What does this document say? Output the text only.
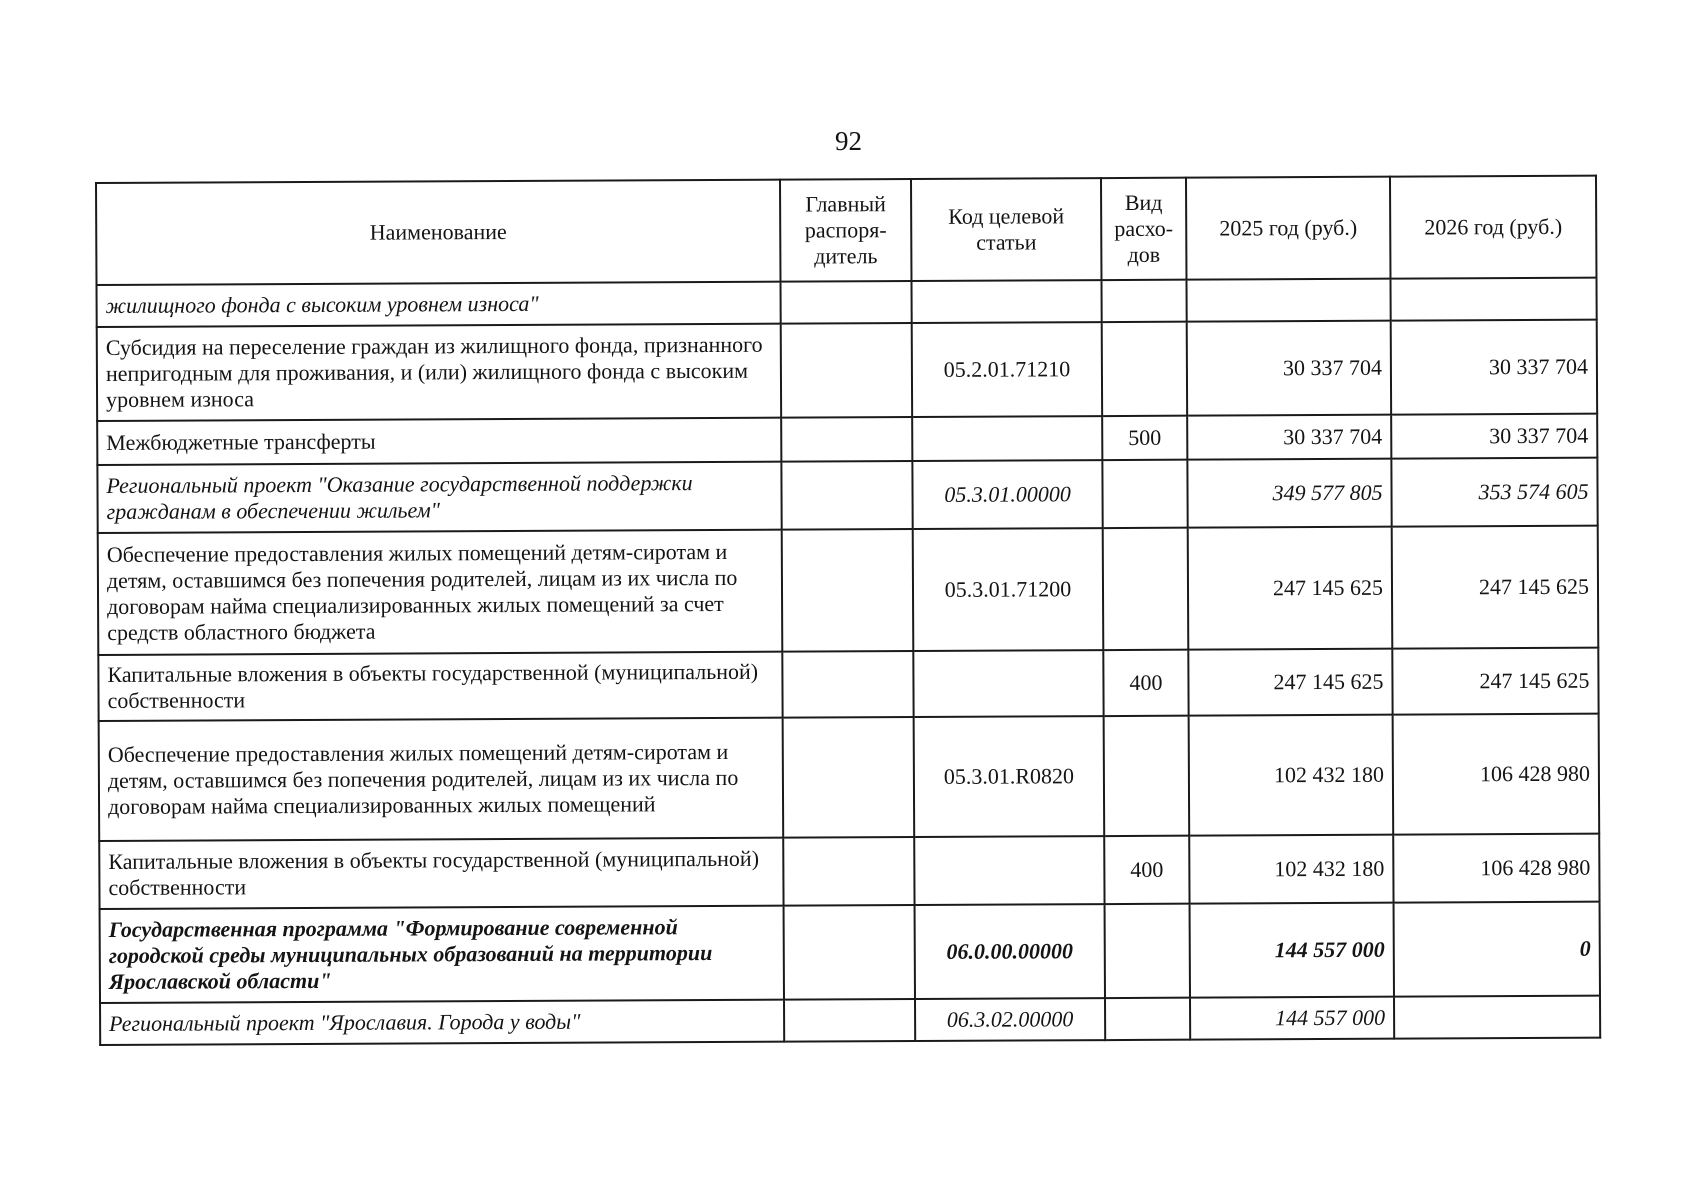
92
Наименование	Главный распоря-дитель	Код целевой статьи	Вид расхо-дов	2025 год (руб.)	2026 год (руб.)
жилищного фонда с высоким уровнем износа"					
Субсидия на переселение граждан из жилищного фонда, признанного непригодным для проживания, и (или) жилищного фонда с высоким уровнем износа		05.2.01.71210		30 337 704	30 337 704
Межбюджетные трансферты			500	30 337 704	30 337 704
Региональный проект "Оказание государственной поддержки гражданам в обеспечении жильем"		05.3.01.00000		349 577 805	353 574 605
Обеспечение предоставления жилых помещений детям-сиротам и детям, оставшимся без попечения родителей, лицам из их числа по договорам найма специализированных жилых помещений за счет средств областного бюджета		05.3.01.71200		247 145 625	247 145 625
Капитальные вложения в объекты государственной (муниципальной) собственности			400	247 145 625	247 145 625
Обеспечение предоставления жилых помещений детям-сиротам и детям, оставшимся без попечения родителей, лицам из их числа по договорам найма специализированных жилых помещений		05.3.01.R0820		102 432 180	106 428 980
Капитальные вложения в объекты государственной (муниципальной) собственности			400	102 432 180	106 428 980
Государственная программа "Формирование современной городской среды муниципальных образований на территории Ярославской области"		06.0.00.00000		144 557 000	0
Региональный проект "Ярославия. Города у воды"		06.3.02.00000		144 557 000	
